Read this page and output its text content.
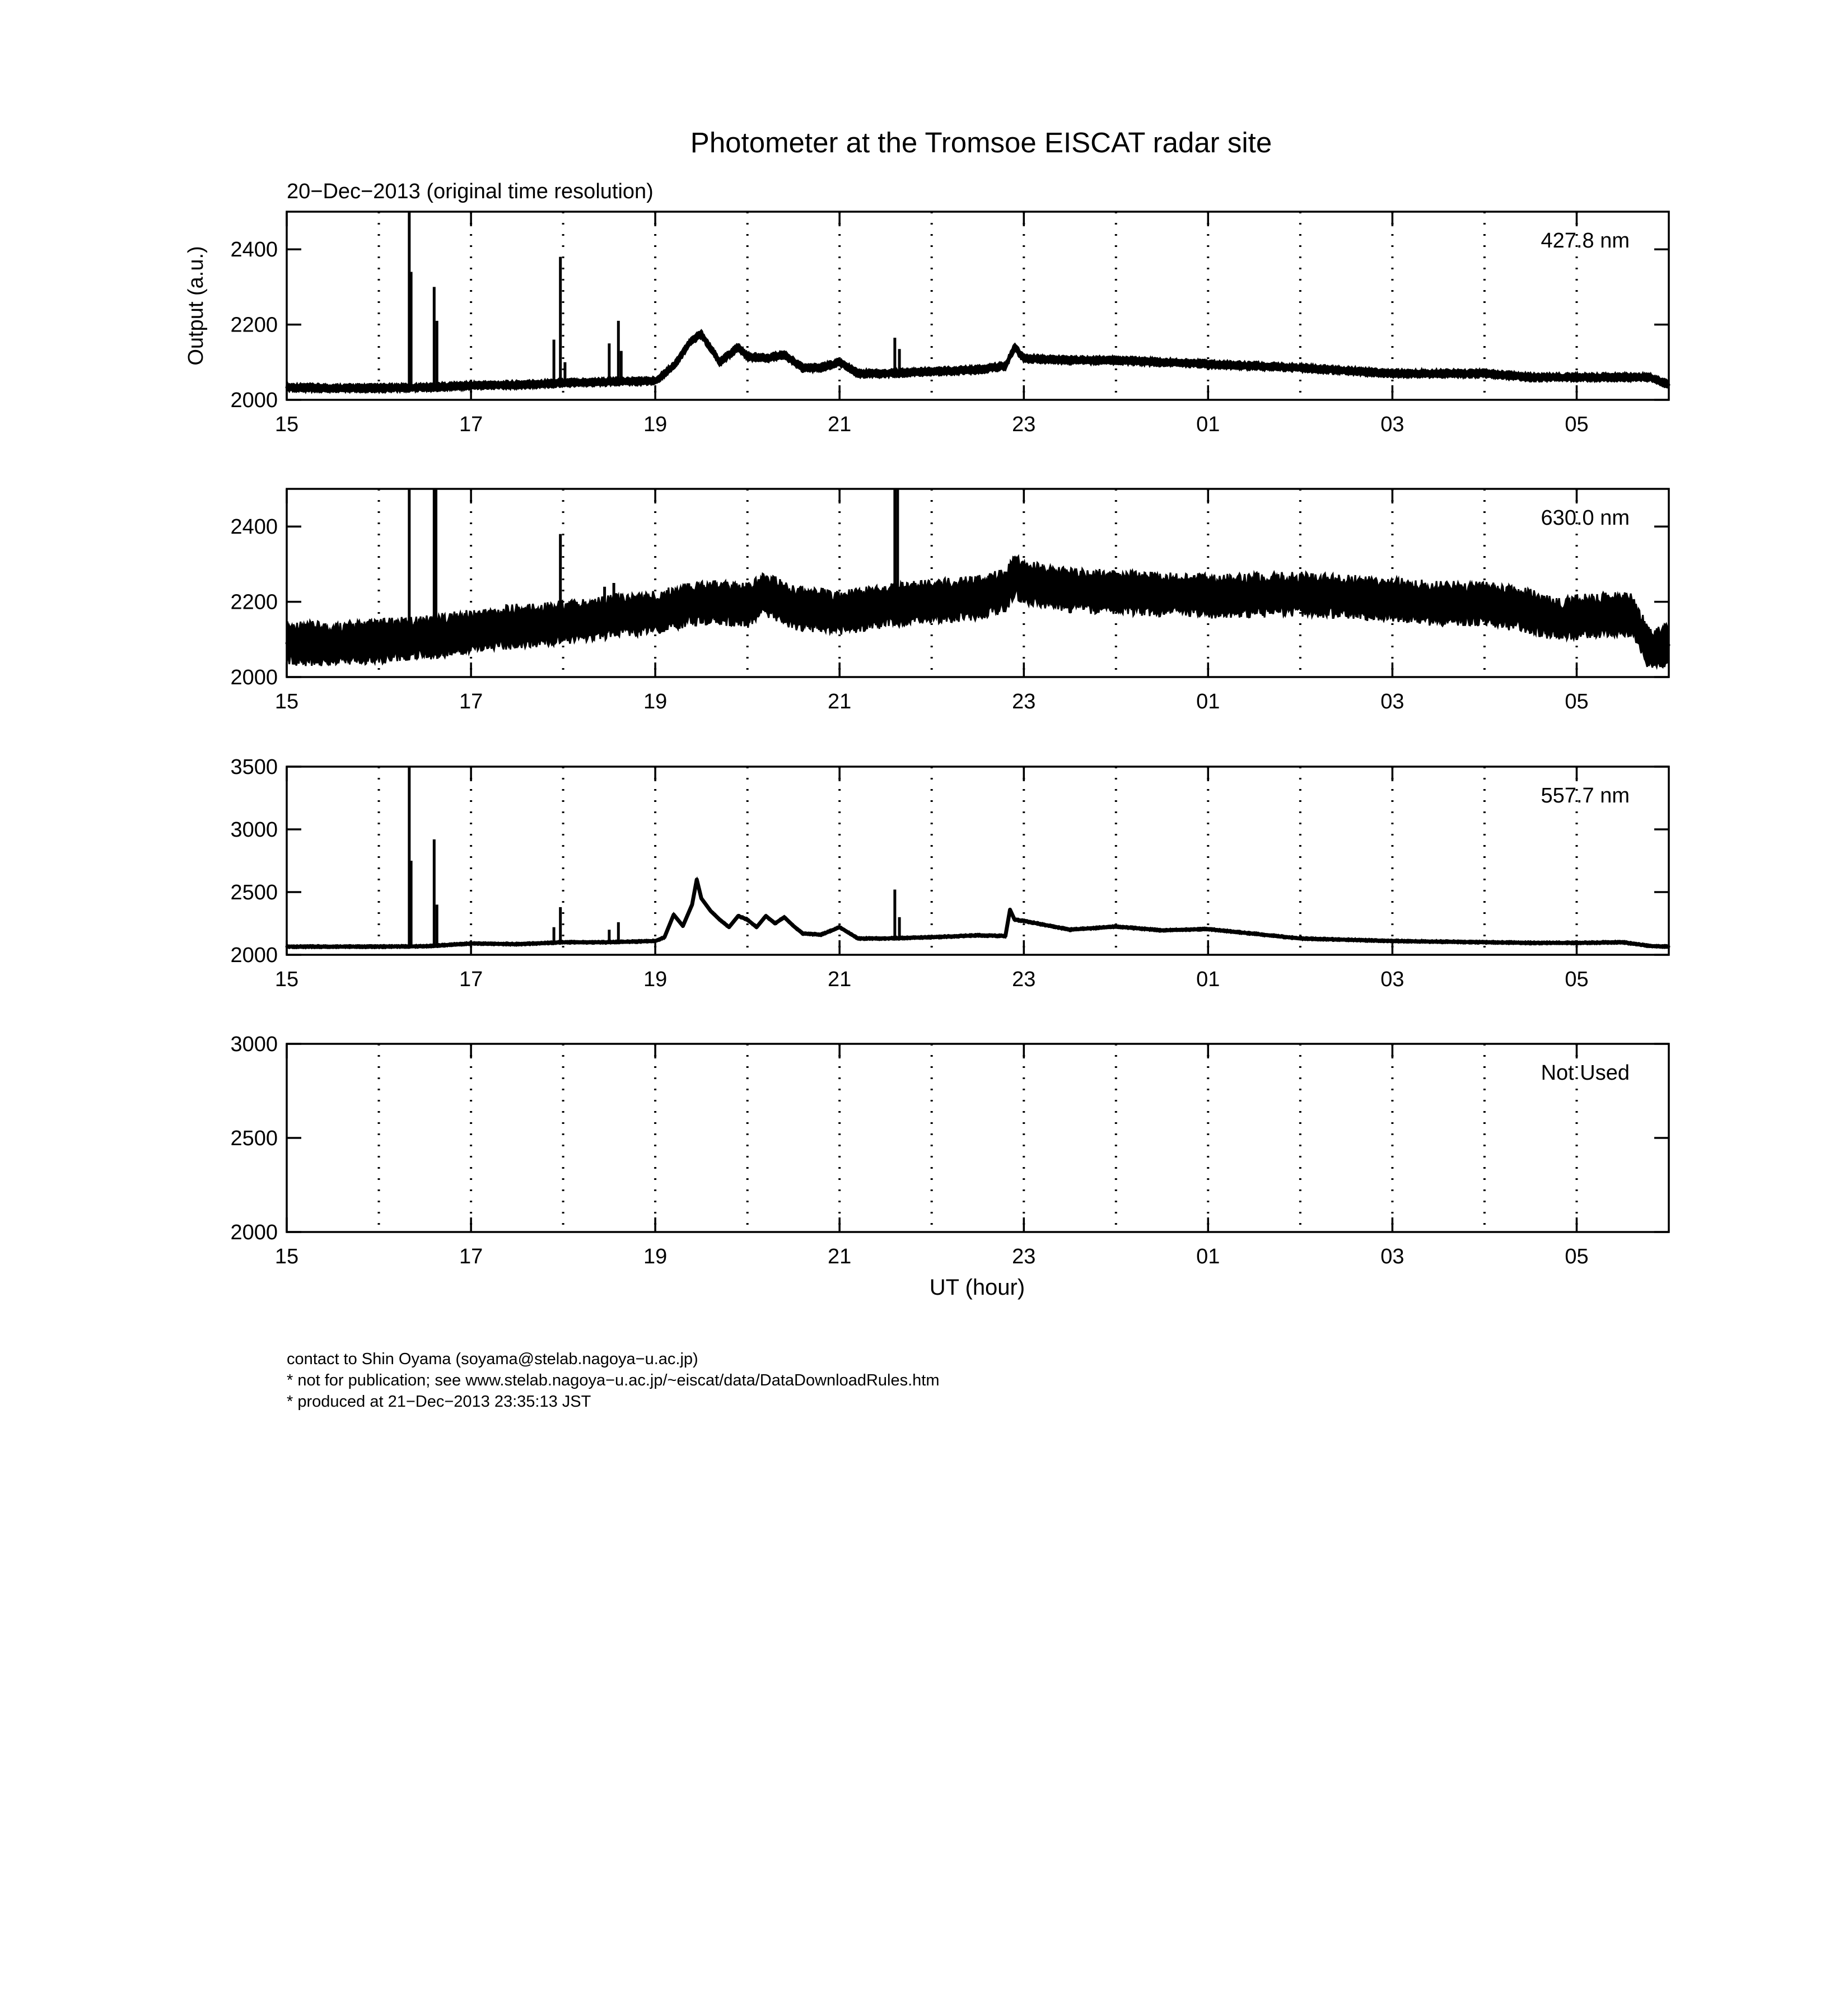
Photometer at the Tromsoe EISCAT radar site
20−Dec−2013 (original time resolution)
Output (a.u.)
UT (hour)
2000
2200
2400
15	17	19	21	23	01	03	05
427.8 nm
2000
2200
2400
15	17	19	21	23	01	03	05
630.0 nm
2000
2500
3000
3500
15	17	19	21	23	01	03	05
557.7 nm
2000
2500
3000
15	17	19	21	23	01	03	05
Not Used
contact to Shin Oyama (soyama@stelab.nagoya−u.ac.jp)
* not for publication; see www.stelab.nagoya−u.ac.jp/~eiscat/data/DataDownloadRules.htm
* produced at 21−Dec−2013 23:35:13 JST
